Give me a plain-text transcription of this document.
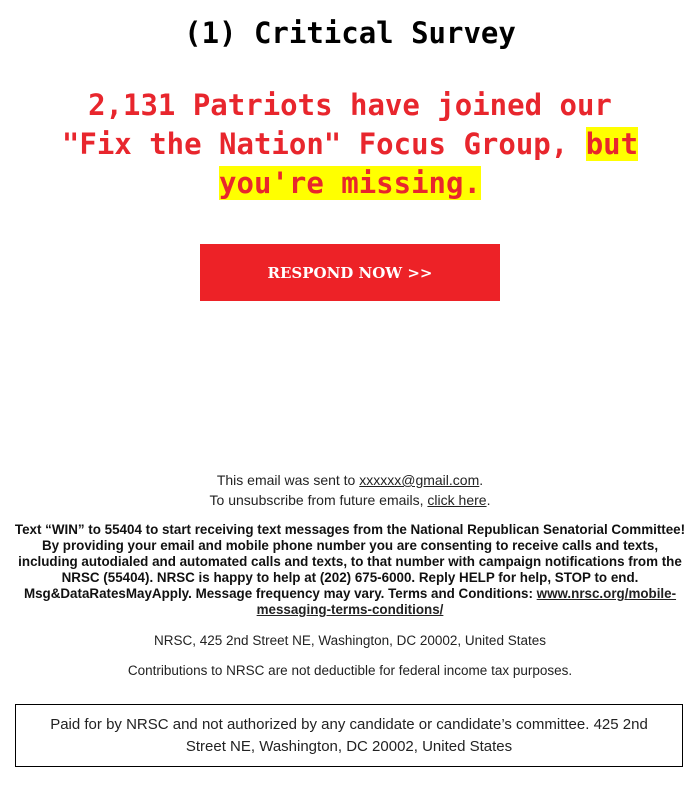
(1) Critical Survey
2,131 Patriots have joined our
"Fix the Nation" Focus Group, but
you're missing.
RESPOND NOW >>
This email was sent to xxxxxx@gmail.com.
To unsubscribe from future emails, click here.
Text “WIN” to 55404 to start receiving text messages from the National Republican Senatorial Committee! By providing your email and mobile phone number you are consenting to receive calls and texts, including autodialed and automated calls and texts, to that number with campaign notifications from the NRSC (55404). NRSC is happy to help at (202) 675-6000. Reply HELP for help, STOP to end. Msg&DataRatesMayApply. Message frequency may vary. Terms and Conditions: www.nrsc.org/mobile-messaging-terms-conditions/
NRSC, 425 2nd Street NE, Washington, DC 20002, United States
Contributions to NRSC are not deductible for federal income tax purposes.
Paid for by NRSC and not authorized by any candidate or candidate’s committee. 425 2nd Street NE, Washington, DC 20002, United States
